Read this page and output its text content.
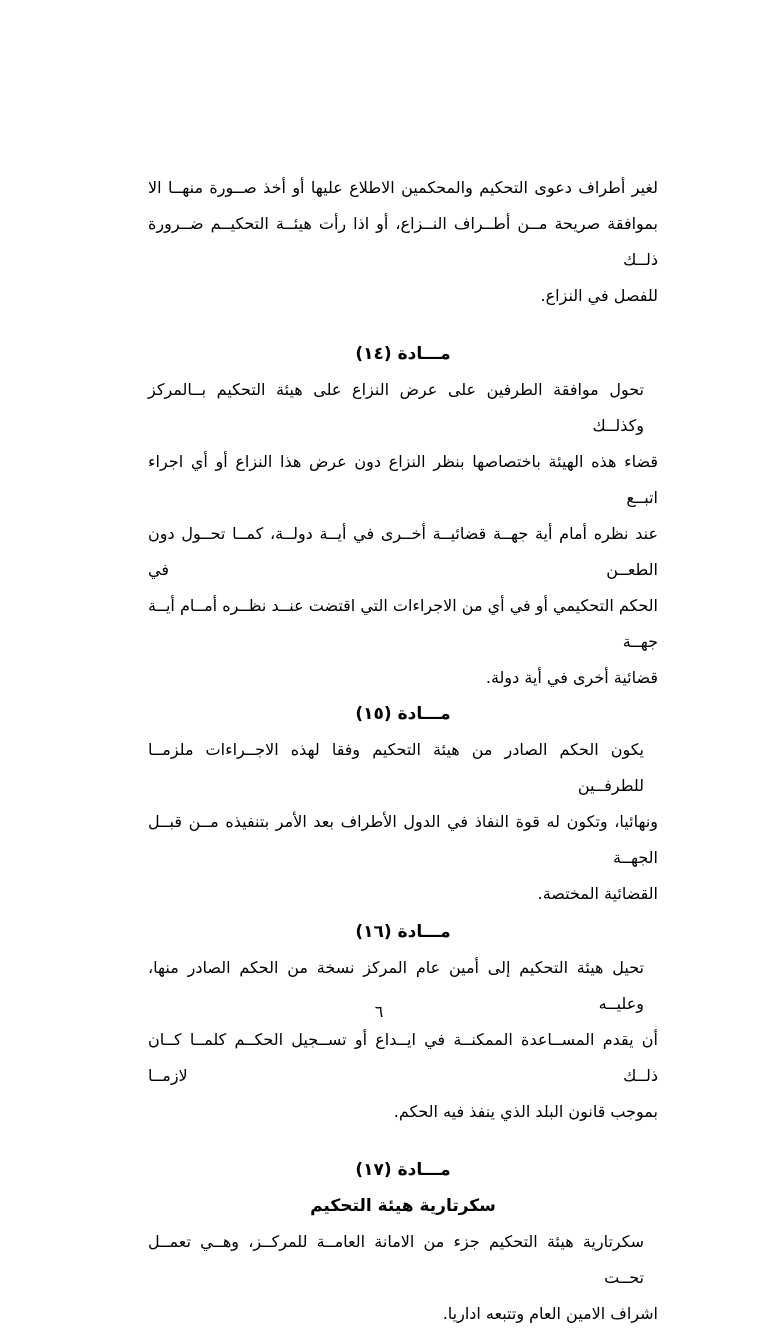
لغير أطراف دعوى التحكيم والمحكمين الاطلاع عليها أو أخذ صــورة منهــا الا
بموافقة صريحة مــن أطــراف النــزاع، أو اذا رأت هيئــة التحكيــم ضــرورة ذلــك
للفصل في النزاع.
مـــادة (١٤)
تحول موافقة الطرفين على عرض النزاع على هيئة التحكيم بــالمركز وكذلــك
قضاء هذه الهيئة باختصاصها بنظر النزاع دون عرض هذا النزاع أو أي اجراء اتبــع
عند نظره أمام أية جهــة قضائيــة أخــرى في أيــة دولــة، كمــا تحــول دون الطعــن في
الحكم التحكيمي أو في أي من الاجراءات التي اقتضت عنــد نظــره أمــام أيــة جهــة
قضائية أخرى في أية دولة.
مـــادة (١٥)
يكون الحكم الصادر من هيئة التحكيم وفقا لهذه الاجــراءات ملزمــا للطرفــين
ونهائيا، وتكون له قوة النفاذ في الدول الأطراف بعد الأمر بتنفيذه مــن قبــل الجهــة
القضائية المختصة.
مـــادة (١٦)
تحيل هيئة التحكيم إلى أمين عام المركز نسخة من الحكم الصادر منها، وعليــه
أن يقدم المســاعدة الممكنــة في ايــداع أو تســجيل الحكــم كلمــا كــان ذلــك لازمــا
بموجب قانون البلد الذي ينفذ فيه الحكم.
مـــادة (١٧)
سكرتارية هيئة التحكيم
سكرتارية هيئة التحكيم جزء من الامانة العامــة للمركــز، وهــي تعمــل تحــت
اشراف الامين العام وتتبعه اداريا.
٦
